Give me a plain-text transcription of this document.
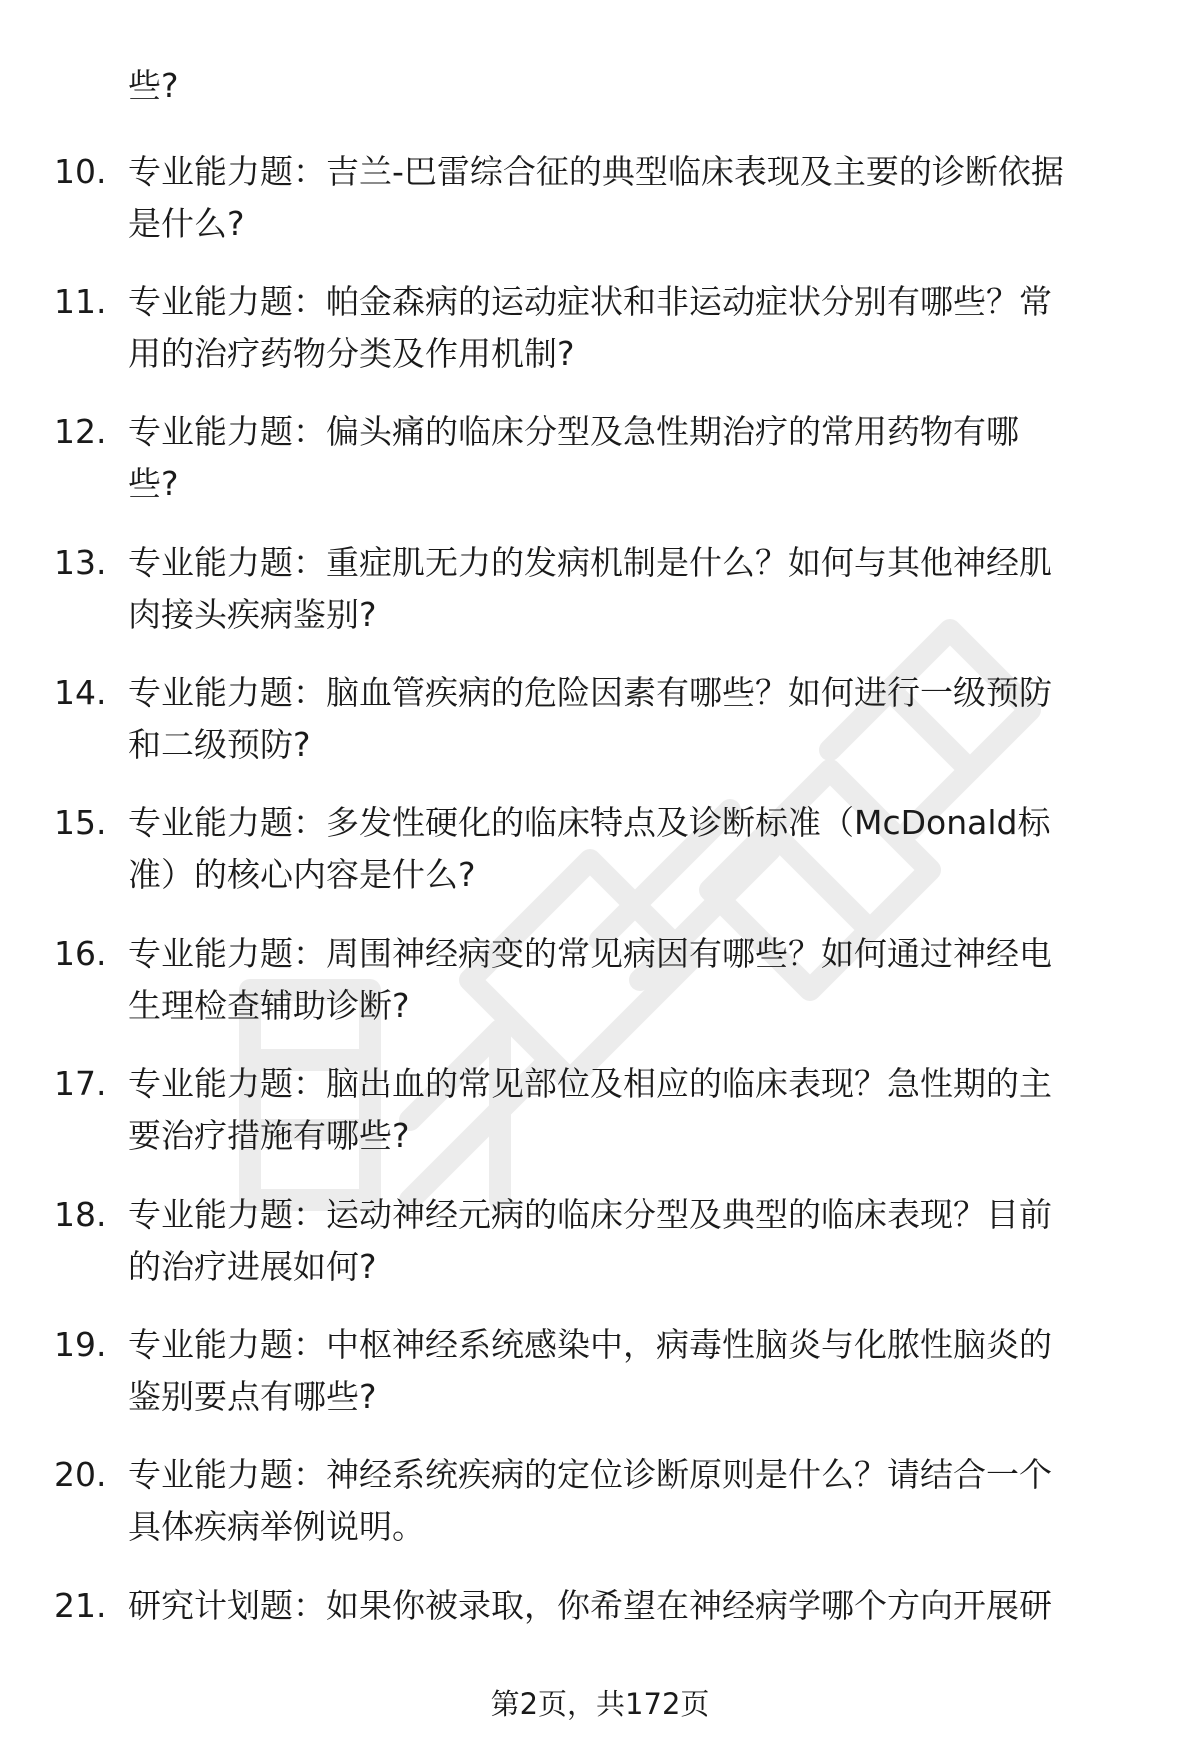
些?
10. 专业能力题：吉兰-巴雷综合征的典型临床表现及主要的诊断依据
是什么?
11. 专业能力题：帕金森病的运动症状和非运动症状分别有哪些？常
用的治疗药物分类及作用机制?
12. 专业能力题：偏头痛的临床分型及急性期治疗的常用药物有哪
些?
13. 专业能力题：重症肌无力的发病机制是什么？如何与其他神经肌
肉接头疾病鉴别?
14. 专业能力题：脑血管疾病的危险因素有哪些？如何进行一级预防
和二级预防?
15. 专业能力题：多发性硬化的临床特点及诊断标准（McDonald标
准）的核心内容是什么?
16. 专业能力题：周围神经病变的常见病因有哪些？如何通过神经电
生理检查辅助诊断?
17. 专业能力题：脑出血的常见部位及相应的临床表现？急性期的主
要治疗措施有哪些?
18. 专业能力题：运动神经元病的临床分型及典型的临床表现？目前
的治疗进展如何?
19. 专业能力题：中枢神经系统感染中，病毒性脑炎与化脓性脑炎的
鉴别要点有哪些?
20. 专业能力题：神经系统疾病的定位诊断原则是什么？请结合一个
具体疾病举例说明。
21. 研究计划题：如果你被录取，你希望在神经病学哪个方向开展研
第2页，共172页
